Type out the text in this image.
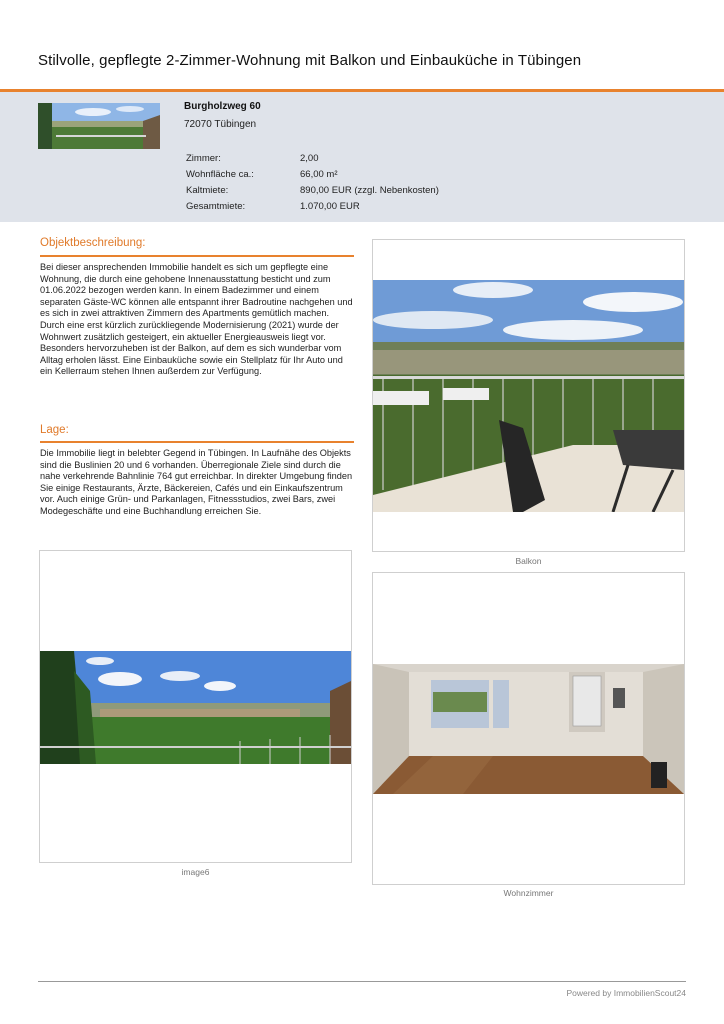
Stilvolle, gepflegte 2-Zimmer-Wohnung mit Balkon und Einbauküche in Tübingen
Burgholzweg 60
72070 Tübingen
Zimmer:	2,00
Wohnfläche ca.:	66,00 m²
Kaltmiete:	890,00 EUR (zzgl. Nebenkosten)
Gesamtmiete:	1.070,00 EUR
Objektbeschreibung:
Bei dieser ansprechenden Immobilie handelt es sich um gepflegte eine Wohnung, die durch eine gehobene Innenausstattung besticht und zum 01.06.2022 bezogen werden kann. In einem Badezimmer und einem separaten Gäste-WC können alle entspannt ihrer Badroutine nachgehen und es sich in zwei attraktiven Zimmern des Apartments gemütlich machen. Durch eine erst kürzlich zurückliegende Modernisierung (2021) wurde der Wohnwert zusätzlich gesteigert, ein aktueller Energieausweis liegt vor. Besonders hervorzuheben ist der Balkon, auf dem es sich wunderbar vom Alltag erholen lässt. Eine Einbauküche sowie ein Stellplatz für Ihr Auto und ein Kellerraum stehen Ihnen außerdem zur Verfügung.
Lage:
Die Immobilie liegt in belebter Gegend in Tübingen. In Laufnähe des Objekts sind die Buslinien 20 und 6 vorhanden. Überregionale Ziele sind durch die nahe verkehrende Bahnlinie 764 gut erreichbar. In direkter Umgebung finden Sie einige Restaurants, Ärzte, Bäckereien, Cafés und ein Einkaufszentrum vor. Auch einige Grün- und Parkanlagen, Fitnessstudios, zwei Bars, zwei Modegeschäfte und eine Buchhandlung erreichen Sie.
Balkon
image6
Wohnzimmer
Powered by ImmobilienScout24
